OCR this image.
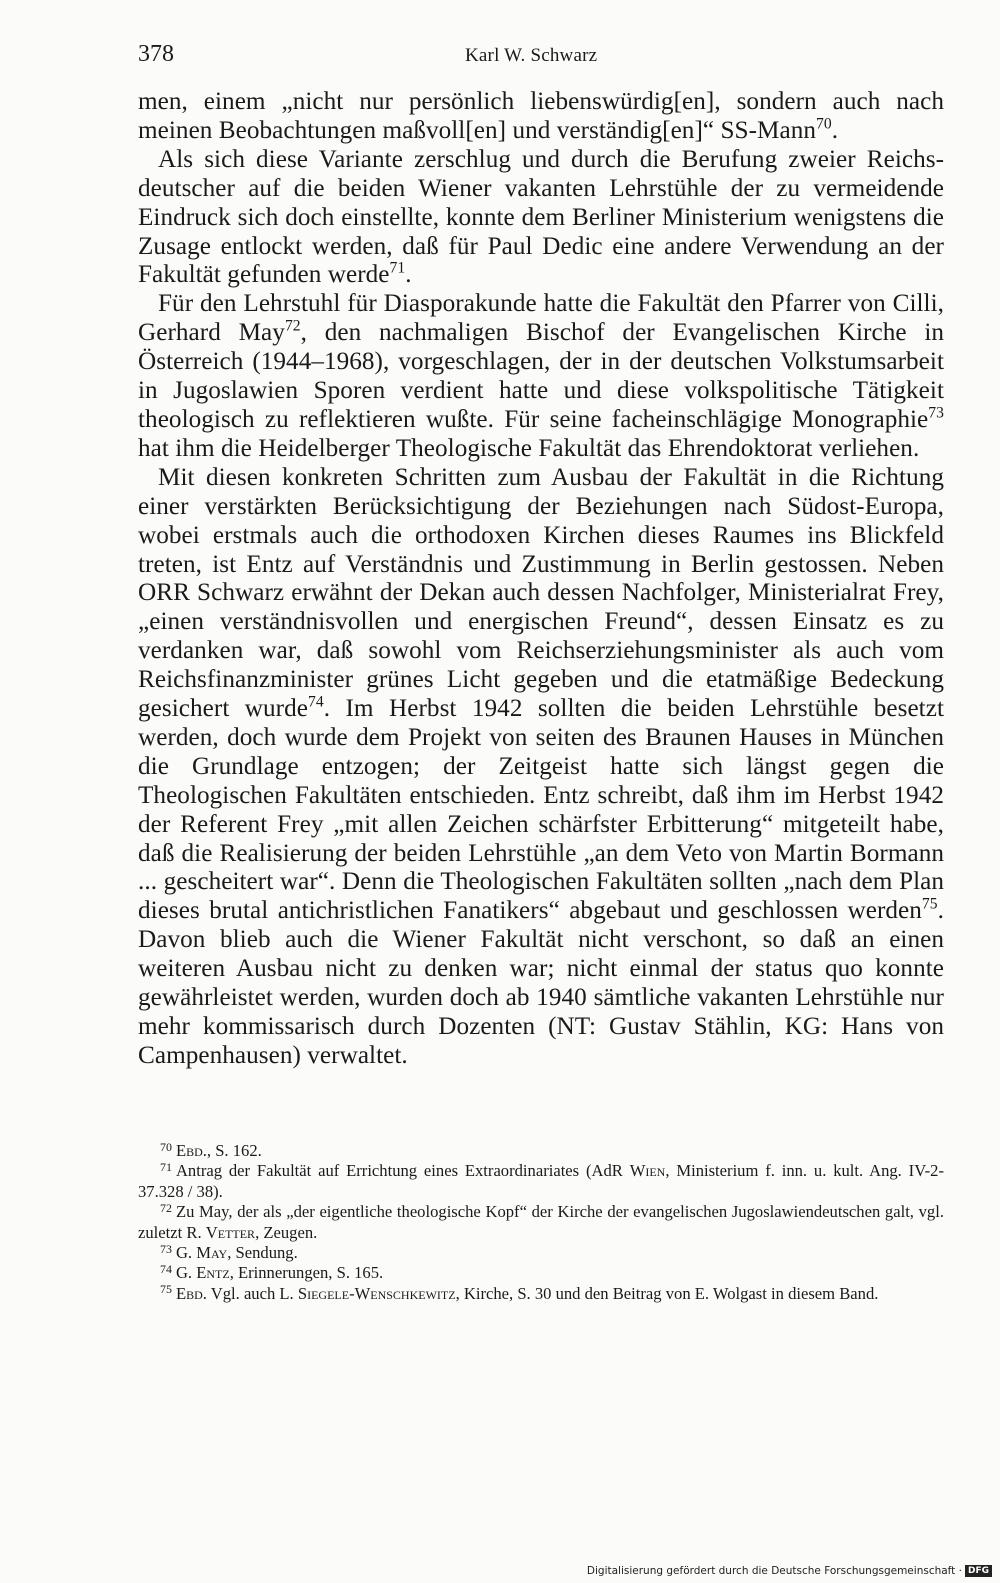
378	Karl W. Schwarz

men, einem „nicht nur persönlich liebenswürdig[en], sondern auch nach meinen Beobachtungen maßvoll[en] und verständig[en]“ SS-Mann$^{70}$.

Als sich diese Variante zerschlug und durch die Berufung zweier Reichsdeutscher auf die beiden Wiener vakanten Lehrstühle der zu vermeidende Eindruck sich doch einstellte, konnte dem Berliner Ministerium wenigstens die Zusage entlockt werden, daß für Paul Dedic eine andere Verwendung an der Fakultät gefunden werde$^{71}$.

Für den Lehrstuhl für Diasporakunde hatte die Fakultät den Pfarrer von Cilli, Gerhard May$^{72}$, den nachmaligen Bischof der Evangelischen Kirche in Österreich (1944–1968), vorgeschlagen, der in der deutschen Volkstumsarbeit in Jugoslawien Sporen verdient hatte und diese volkspolitische Tätigkeit theologisch zu reflektieren wußte. Für seine facheinschlägige Monographie$^{73}$ hat ihm die Heidelberger Theologische Fakultät das Ehrendoktorat verliehen.

Mit diesen konkreten Schritten zum Ausbau der Fakultät in die Richtung einer verstärkten Berücksichtigung der Beziehungen nach Südost-Europa, wobei erstmals auch die orthodoxen Kirchen dieses Raumes ins Blickfeld treten, ist Entz auf Verständnis und Zustimmung in Berlin gestossen. Neben ORR Schwarz erwähnt der Dekan auch dessen Nachfolger, Ministerialrat Frey, „einen verständnisvollen und energischen Freund“, dessen Einsatz es zu verdanken war, daß sowohl vom Reichserziehungsminister als auch vom Reichsfinanzminister grünes Licht gegeben und die etatmäßige Bedeckung gesichert wurde$^{74}$. Im Herbst 1942 sollten die beiden Lehrstühle besetzt werden, doch wurde dem Projekt von seiten des Braunen Hauses in München die Grundlage entzogen; der Zeitgeist hatte sich längst gegen die Theologischen Fakultäten entschieden. Entz schreibt, daß ihm im Herbst 1942 der Referent Frey „mit allen Zeichen schärfster Erbitterung“ mitgeteilt habe, daß die Realisierung der beiden Lehrstühle „an dem Veto von Martin Bormann ... gescheitert war“. Denn die Theologischen Fakultäten sollten „nach dem Plan dieses brutal antichristlichen Fanatikers“ abgebaut und geschlossen werden$^{75}$. Davon blieb auch die Wiener Fakultät nicht verschont, so daß an einen weiteren Ausbau nicht zu denken war; nicht einmal der status quo konnte gewährleistet werden, wurden doch ab 1940 sämtliche vakanten Lehrstühle nur mehr kommissarisch durch Dozenten (NT: Gustav Stählin, KG: Hans von Campenhausen) verwaltet.

$^{70}$ Ebd., S. 162.

$^{71}$ Antrag der Fakultät auf Errichtung eines Extraordinariates (AdR Wien, Ministerium f. inn. u. kult. Ang. IV-2-37.328 / 38).

$^{72}$ Zu May, der als „der eigentliche theologische Kopf“ der Kirche der evangelischen Jugoslawiendeutschen galt, vgl. zuletzt R. Vetter, Zeugen.

$^{73}$ G. May, Sendung.

$^{74}$ G. Entz, Erinnerungen, S. 165.

$^{75}$ Ebd. Vgl. auch L. Siegele-Wenschkewitz, Kirche, S. 30 und den Beitrag von E. Wolgast in diesem Band.

Digitalisierung gefördert durch die Deutsche Forschungsgemeinschaft · DFG
